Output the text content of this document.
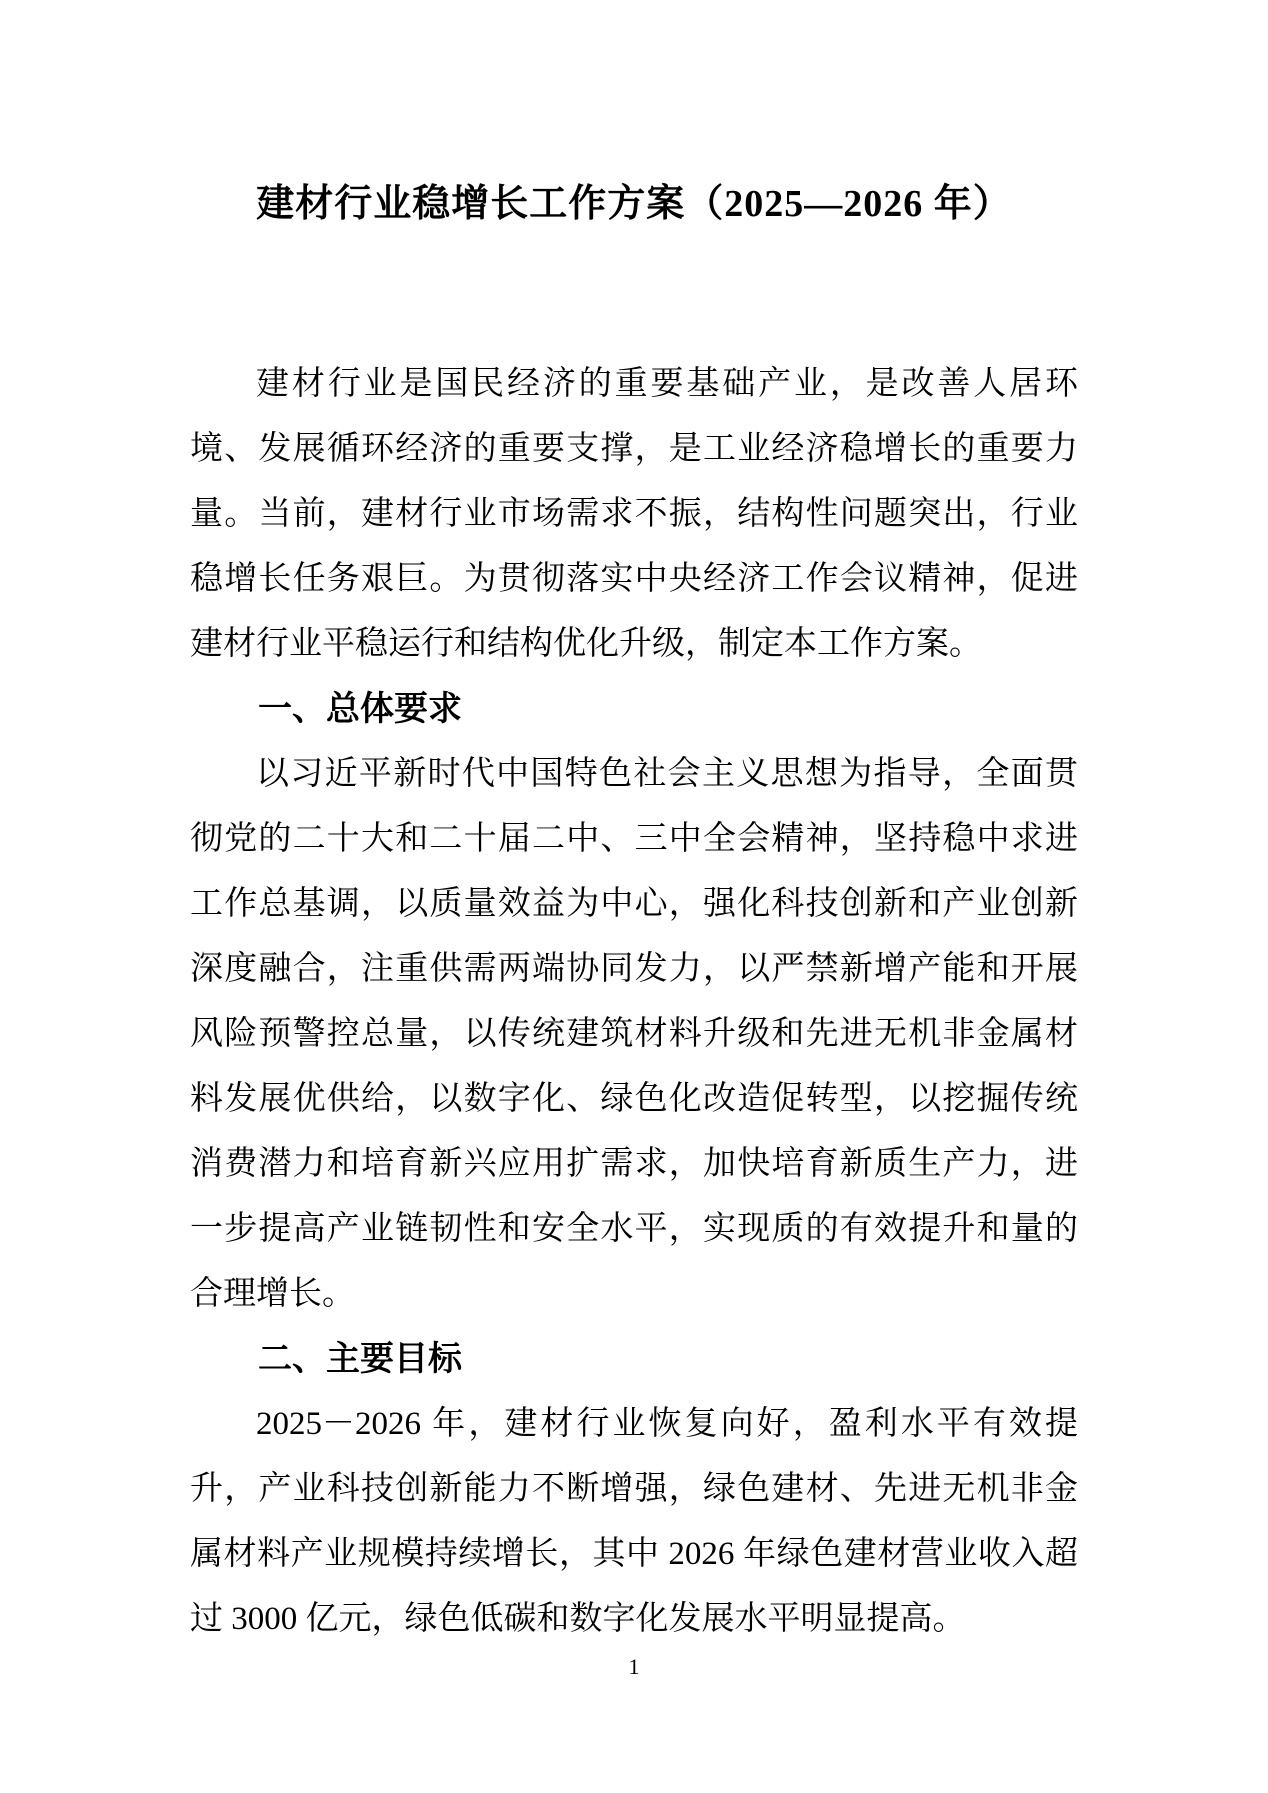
建材行业稳增长工作方案（2025—2026 年）

建材行业是国民经济的重要基础产业，是改善人居环境、发展循环经济的重要支撑，是工业经济稳增长的重要力量。当前，建材行业市场需求不振，结构性问题突出，行业稳增长任务艰巨。为贯彻落实中央经济工作会议精神，促进建材行业平稳运行和结构优化升级，制定本工作方案。

一、总体要求

以习近平新时代中国特色社会主义思想为指导，全面贯彻党的二十大和二十届二中、三中全会精神，坚持稳中求进工作总基调，以质量效益为中心，强化科技创新和产业创新深度融合，注重供需两端协同发力，以严禁新增产能和开展风险预警控总量，以传统建筑材料升级和先进无机非金属材料发展优供给，以数字化、绿色化改造促转型，以挖掘传统消费潜力和培育新兴应用扩需求，加快培育新质生产力，进一步提高产业链韧性和安全水平，实现质的有效提升和量的合理增长。

二、主要目标

2025－2026 年，建材行业恢复向好，盈利水平有效提升，产业科技创新能力不断增强，绿色建材、先进无机非金属材料产业规模持续增长，其中 2026 年绿色建材营业收入超过 3000 亿元，绿色低碳和数字化发展水平明显提高。

1
